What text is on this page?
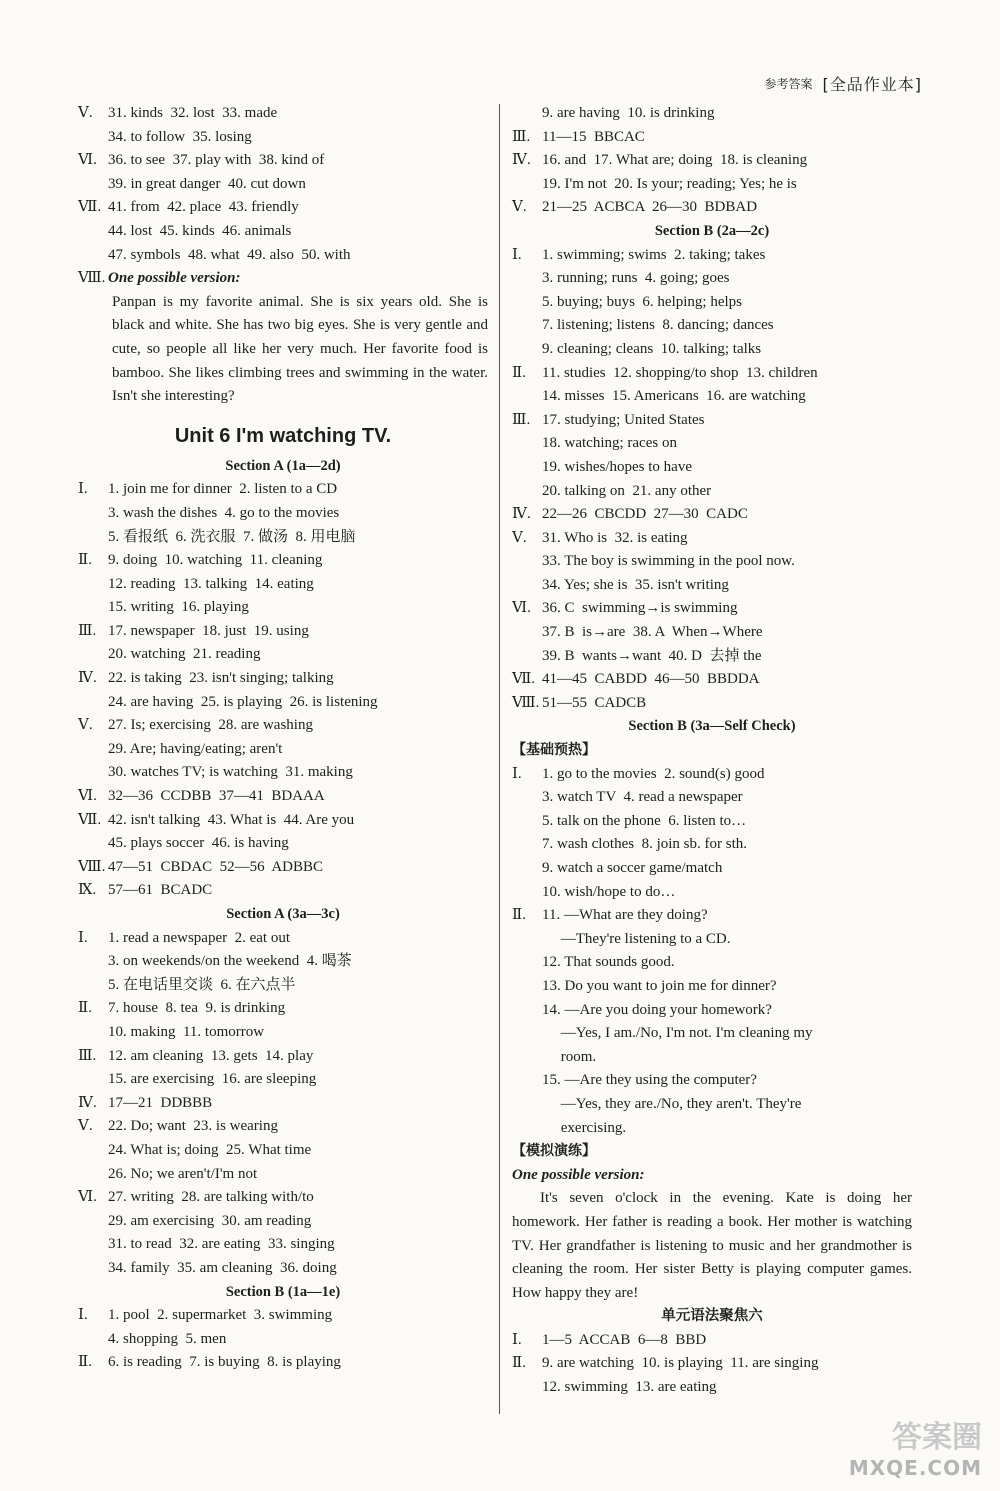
参考答案 [全品作业本]
Ⅴ. 31. kinds  32. lost  33. made
34. to follow  35. losing
Ⅵ. 36. to see  37. play with  38. kind of
39. in great danger  40. cut down
Ⅶ. 41. from  42. place  43. friendly
44. lost  45. kinds  46. animals
47. symbols  48. what  49. also  50. with
Ⅷ. One possible version:
Panpan is my favorite animal. She is six years old. She is black and white. She has two big eyes. She is very gentle and cute, so people all like her very much. Her favorite food is bamboo. She likes climbing trees and swimming in the water. Isn't she interesting?
Unit 6 I'm watching TV.
Section A (1a—2d)
Ⅰ. 1. join me for dinner  2. listen to a CD
3. wash the dishes  4. go to the movies
5. 看报纸  6. 洗衣服  7. 做汤  8. 用电脑
Ⅱ. 9. doing  10. watching  11. cleaning
12. reading  13. talking  14. eating
15. writing  16. playing
Ⅲ. 17. newspaper  18. just  19. using
20. watching  21. reading
Ⅳ. 22. is taking  23. isn't singing; talking
24. are having  25. is playing  26. is listening
Ⅴ. 27. Is; exercising  28. are washing
29. Are; having/eating; aren't
30. watches TV; is watching  31. making
Ⅵ. 32—36  CCDBB  37—41  BDAAA
Ⅶ. 42. isn't talking  43. What is  44. Are you
45. plays soccer  46. is having
Ⅷ. 47—51  CBDAC  52—56  ADBBC
Ⅸ. 57—61  BCADC
Section A (3a—3c)
Ⅰ. 1. read a newspaper  2. eat out
3. on weekends/on the weekend  4. 喝茶
5. 在电话里交谈  6. 在六点半
Ⅱ. 7. house  8. tea  9. is drinking
10. making  11. tomorrow
Ⅲ. 12. am cleaning  13. gets  14. play
15. are exercising  16. are sleeping
Ⅳ. 17—21  DDBBB
Ⅴ. 22. Do; want  23. is wearing
24. What is; doing  25. What time
26. No; we aren't/I'm not
Ⅵ. 27. writing  28. are talking with/to
29. am exercising  30. am reading
31. to read  32. are eating  33. singing
34. family  35. am cleaning  36. doing
Section B (1a—1e)
Ⅰ. 1. pool  2. supermarket  3. swimming
4. shopping  5. men
Ⅱ. 6. is reading  7. is buying  8. is playing
9. are having  10. is drinking
Ⅲ. 11—15  BBCAC
Ⅳ. 16. and  17. What are; doing  18. is cleaning
19. I'm not  20. Is your; reading; Yes; he is
Ⅴ. 21—25  ACBCA  26—30  BDBAD
Section B (2a—2c)
Ⅰ. 1. swimming; swims  2. taking; takes
3. running; runs  4. going; goes
5. buying; buys  6. helping; helps
7. listening; listens  8. dancing; dances
9. cleaning; cleans  10. talking; talks
Ⅱ. 11. studies  12. shopping/to shop  13. children
14. misses  15. Americans  16. are watching
Ⅲ. 17. studying; United States
18. watching; races on
19. wishes/hopes to have
20. talking on  21. any other
Ⅳ. 22—26  CBCDD  27—30  CADC
Ⅴ. 31. Who is  32. is eating
33. The boy is swimming in the pool now.
34. Yes; she is  35. isn't writing
Ⅵ. 36. C  swimming→is swimming
37. B  is→are  38. A  When→Where
39. B  wants→want  40. D  去掉 the
Ⅶ. 41—45  CABDD  46—50  BBDDA
Ⅷ. 51—55  CADCB
Section B (3a—Self Check)
【基础预热】
Ⅰ. 1. go to the movies  2. sound(s) good
3. watch TV  4. read a newspaper
5. talk on the phone  6. listen to…
7. wash clothes  8. join sb. for sth.
9. watch a soccer game/match
10. wish/hope to do…
Ⅱ. 11. —What are they doing?
—They're listening to a CD.
12. That sounds good.
13. Do you want to join me for dinner?
14. —Are you doing your homework?
—Yes, I am./No, I'm not. I'm cleaning my
room.
15. —Are they using the computer?
—Yes, they are./No, they aren't. They're
exercising.
【模拟演练】
One possible version:
It's seven o'clock in the evening. Kate is doing her homework. Her father is reading a book. Her mother is watching TV. Her grandfather is listening to music and her grandmother is cleaning the room. Her sister Betty is playing computer games. How happy they are!
单元语法聚焦六
Ⅰ. 1—5  ACCAB  6—8  BBD
Ⅱ. 9. are watching  10. is playing  11. are singing
12. swimming  13. are eating
答案圈
MXQE.COM
